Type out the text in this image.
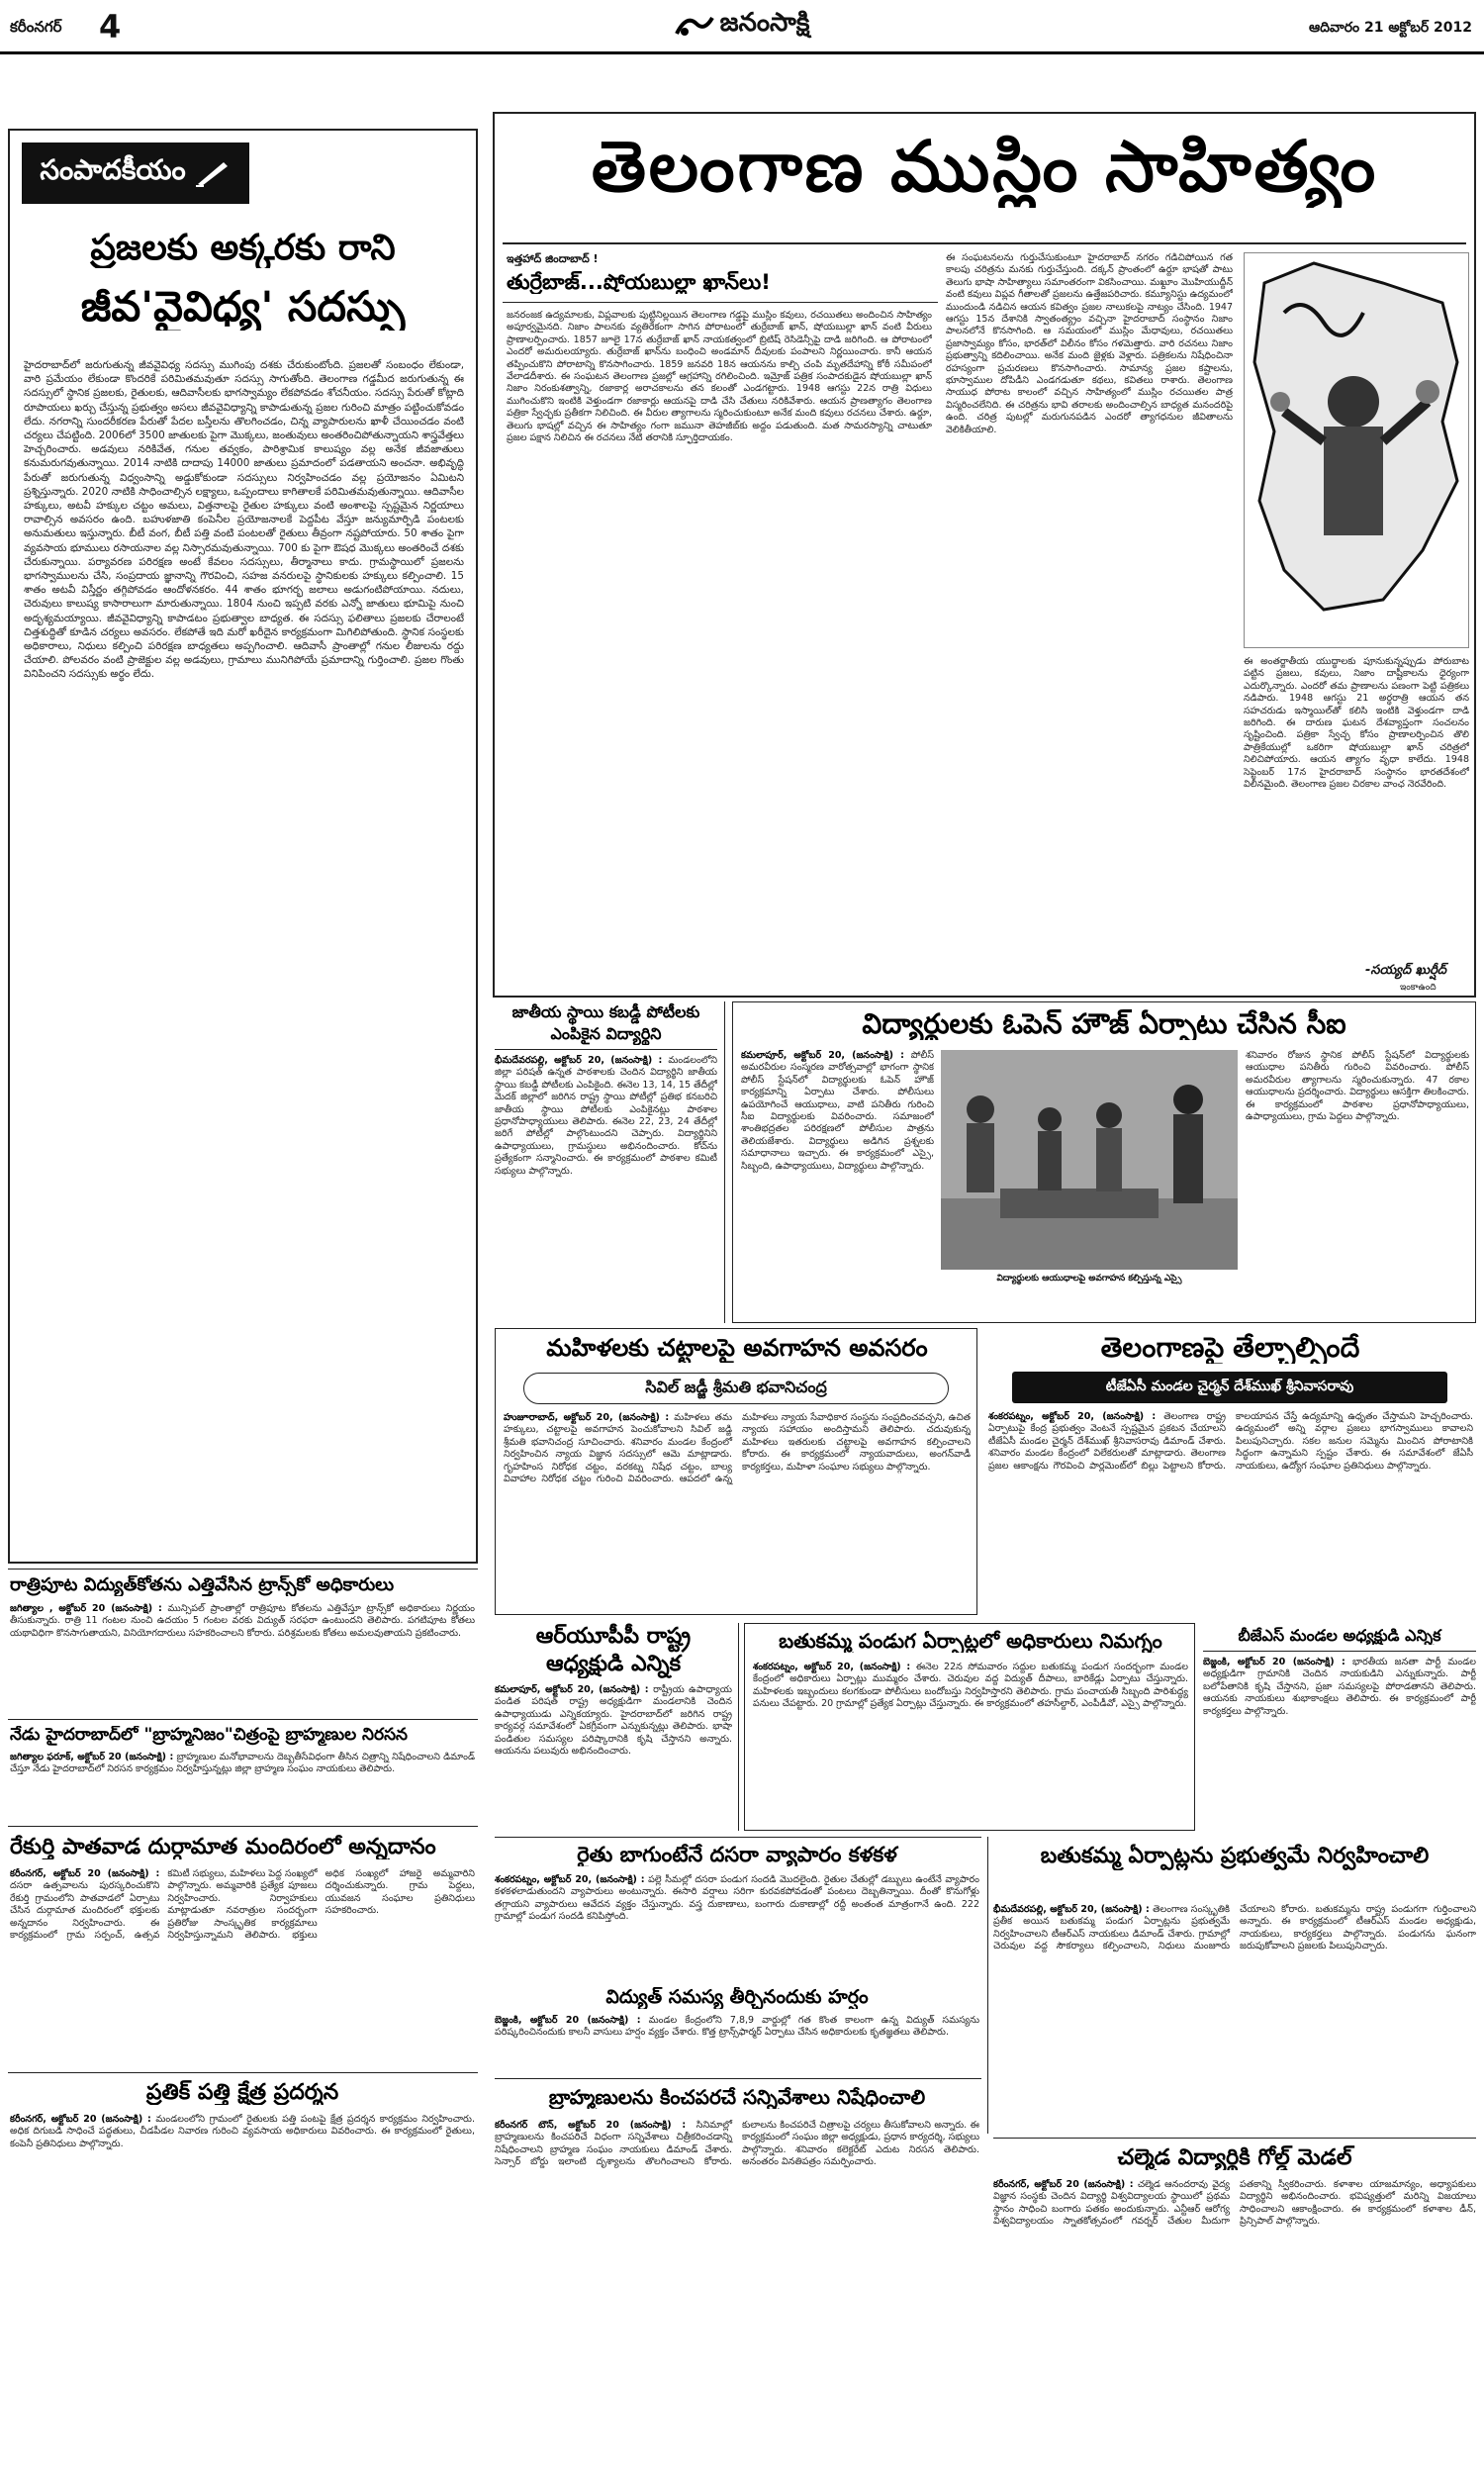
కరీంనగర్ 4	జనంసాక్షి	ఆదివారం 21 అక్టోబర్ 2012
సంపాదకీయం
ప్రజలకు అక్కరకు రాని
జీవ'వైవిధ్య' సదస్సు
హైదరాబాద్‌లో జరుగుతున్న జీవవైవిధ్య సదస్సు ముగింపు దశకు చేరుకుంటోంది. ప్రజలతో సంబంధం లేకుండా, వారి ప్రమేయం లేకుండా కొందరికే పరిమితమవుతూ సదస్సు సాగుతోంది. తెలంగాణ గడ్డమీద జరుగుతున్న ఈ సదస్సులో స్థానిక ప్రజలకు, రైతులకు, ఆదివాసీలకు భాగస్వామ్యం లేకపోవడం శోచనీయం. సదస్సు పేరుతో కోట్లాది రూపాయలు ఖర్చు చేస్తున్న ప్రభుత్వం అసలు జీవవైవిధ్యాన్ని కాపాడుతున్న ప్రజల గురించి మాత్రం పట్టించుకోవడం లేదు. నగరాన్ని సుందరీకరణ పేరుతో పేదల బస్తీలను తొలగించడం, చిన్న వ్యాపారులను ఖాళీ చేయించడం వంటి చర్యలు చేపట్టింది. 2006లో 3500 జాతులకు పైగా మొక్కలు, జంతువులు అంతరించిపోతున్నాయని శాస్త్రవేత్తలు హెచ్చరించారు. అడవులు నరికివేత, గనుల తవ్వకం, పారిశ్రామిక కాలుష్యం వల్ల అనేక జీవజాతులు కనుమరుగవుతున్నాయి. 2014 నాటికి దాదాపు 14000 జాతులు ప్రమాదంలో పడతాయని అంచనా. అభివృద్ధి పేరుతో జరుగుతున్న విధ్వంసాన్ని అడ్డుకోకుండా సదస్సులు నిర్వహించడం వల్ల ప్రయోజనం ఏమిటని ప్రశ్నిస్తున్నారు. 2020 నాటికి సాధించాల్సిన లక్ష్యాలు, ఒప్పందాలు కాగితాలకే పరిమితమవుతున్నాయి. ఆదివాసీల హక్కులు, అటవీ హక్కుల చట్టం అమలు, విత్తనాలపై రైతుల హక్కులు వంటి అంశాలపై స్పష్టమైన నిర్ణయాలు రావాల్సిన అవసరం ఉంది. బహుళజాతి కంపెనీల ప్రయోజనాలకే పెద్దపీట వేస్తూ జన్యుమార్పిడి పంటలకు అనుమతులు ఇస్తున్నారు. బీటీ వంగ, బీటీ పత్తి వంటి పంటలతో రైతులు తీవ్రంగా నష్టపోయారు. 50 శాతం పైగా వ్యవసాయ భూములు రసాయనాల వల్ల నిస్సారమవుతున్నాయి. 700 కు పైగా ఔషధ మొక్కలు అంతరించే దశకు చేరుకున్నాయి. పర్యావరణ పరిరక్షణ అంటే కేవలం సదస్సులు, తీర్మానాలు కాదు. గ్రామస్థాయిలో ప్రజలను భాగస్వాములను చేసి, సంప్రదాయ జ్ఞానాన్ని గౌరవించి, సహజ వనరులపై స్థానికులకు హక్కులు కల్పించాలి. 15 శాతం అటవీ విస్తీర్ణం తగ్గిపోవడం ఆందోళనకరం. 44 శాతం భూగర్భ జలాలు అడుగంటిపోయాయి. నదులు, చెరువులు కాలుష్య కాసారాలుగా మారుతున్నాయి. 1804 నుంచి ఇప్పటి వరకు ఎన్నో జాతులు భూమిపై నుంచి అదృశ్యమయ్యాయి. జీవవైవిధ్యాన్ని కాపాడటం ప్రభుత్వాల బాధ్యత. ఈ సదస్సు ఫలితాలు ప్రజలకు చేరాలంటే చిత్తశుద్ధితో కూడిన చర్యలు అవసరం. లేకపోతే ఇది మరో ఖరీదైన కార్యక్రమంగా మిగిలిపోతుంది. స్థానిక సంస్థలకు అధికారాలు, నిధులు కల్పించి పరిరక్షణ బాధ్యతలు అప్పగించాలి. ఆదివాసీ ప్రాంతాల్లో గనుల లీజులను రద్దు చేయాలి. పోలవరం వంటి ప్రాజెక్టుల వల్ల అడవులు, గ్రామాలు మునిగిపోయే ప్రమాదాన్ని గుర్తించాలి. ప్రజల గొంతు వినిపించని సదస్సుకు అర్థం లేదు.
రాత్రిపూట విద్యుత్‌కోతను ఎత్తివేసిన ట్రాన్స్‌కో అధికారులు
జగిత్యాల , అక్టోబర్ 20 (జనంసాక్షి) : మున్సిపల్ ప్రాంతాల్లో రాత్రిపూట కోతలను ఎత్తివేస్తూ ట్రాన్స్‌కో అధికారులు నిర్ణయం తీసుకున్నారు. రాత్రి 11 గంటల నుంచి ఉదయం 5 గంటల వరకు విద్యుత్ సరఫరా ఉంటుందని తెలిపారు. పగటిపూట కోతలు యథావిధిగా కొనసాగుతాయని, వినియోగదారులు సహకరించాలని కోరారు. పరిశ్రమలకు కోతలు అమలవుతాయని ప్రకటించారు.
నేడు హైదరాబాద్‌లో "బ్రాహ్మనిజం"చిత్రంపై బ్రాహ్మణుల నిరసన
జగిత్యాల ఫరూక్, అక్టోబర్ 20 (జనంసాక్షి) : బ్రాహ్మణుల మనోభావాలను దెబ్బతీసేవిధంగా తీసిన చిత్రాన్ని నిషేధించాలని డిమాండ్ చేస్తూ నేడు హైదరాబాద్‌లో నిరసన కార్యక్రమం నిర్వహిస్తున్నట్లు జిల్లా బ్రాహ్మణ సంఘం నాయకులు తెలిపారు.
రేకుర్తి పాతవాడ దుర్గామాత మందిరంలో అన్నదానం
కరీంనగర్, అక్టోబర్ 20 (జనంసాక్షి) : దసరా ఉత్సవాలను పురస్కరించుకొని రేకుర్తి గ్రామంలోని పాతవాడలో ఏర్పాటు చేసిన దుర్గామాత మందిరంలో భక్తులకు అన్నదానం నిర్వహించారు. ఈ కార్యక్రమంలో గ్రామ సర్పంచ్, ఉత్సవ కమిటీ సభ్యులు, మహిళలు పెద్ద సంఖ్యలో పాల్గొన్నారు. అమ్మవారికి ప్రత్యేక పూజలు నిర్వహించారు. నిర్వాహకులు మాట్లాడుతూ నవరాత్రుల సందర్భంగా ప్రతిరోజు సాంస్కృతిక కార్యక్రమాలు నిర్వహిస్తున్నామని తెలిపారు. భక్తులు అధిక సంఖ్యలో హాజరై అమ్మవారిని దర్శించుకున్నారు. గ్రామ పెద్దలు, యువజన సంఘాల ప్రతినిధులు సహకరించారు.
ప్రతిక్ పత్తి క్షేత్ర ప్రదర్శన
కరీంనగర్, అక్టోబర్ 20 (జనంసాక్షి) : మండలంలోని గ్రామంలో రైతులకు పత్తి పంటపై క్షేత్ర ప్రదర్శన కార్యక్రమం నిర్వహించారు. అధిక దిగుబడి సాధించే పద్ధతులు, చీడపీడల నివారణ గురించి వ్యవసాయ అధికారులు వివరించారు. ఈ కార్యక్రమంలో రైతులు, కంపెనీ ప్రతినిధులు పాల్గొన్నారు.
తెలంగాణ ముస్లిం సాహిత్యం
ఇత్తహాద్ జిందాబాద్ !
తుర్రేబాజ్...షోయబుల్లా ఖాన్‌లు!
జనరంజక ఉద్యమాలకు, విప్లవాలకు పుట్టినిల్లయిన తెలంగాణ గడ్డపై ముస్లిం కవులు, రచయితలు అందించిన సాహిత్యం అపూర్వమైనది. నిజాం పాలనకు వ్యతిరేకంగా సాగిన పోరాటంలో తుర్రేబాజ్ ఖాన్, షోయబుల్లా ఖాన్ వంటి వీరులు ప్రాణాలర్పించారు. 1857 జూలై 17న తుర్రేబాజ్ ఖాన్ నాయకత్వంలో బ్రిటిష్ రెసిడెన్సీపై దాడి జరిగింది. ఆ పోరాటంలో ఎందరో అమరులయ్యారు. తుర్రేబాజ్ ఖాన్‌ను బంధించి అండమాన్ దీవులకు పంపాలని నిర్ణయించారు. కానీ ఆయన తప్పించుకొని పోరాటాన్ని కొనసాగించారు. 1859 జనవరి 18న ఆయనను కాల్చి చంపి మృతదేహాన్ని కోఠీ సమీపంలో వేలాడదీశారు. ఈ సంఘటన తెలంగాణ ప్రజల్లో ఆగ్రహాన్ని రగిలించింది. ఇమ్రోజ్ పత్రిక సంపాదకుడైన షోయబుల్లా ఖాన్ నిజాం నిరంకుశత్వాన్ని, రజాకార్ల అరాచకాలను తన కలంతో ఎండగట్టారు. 1948 ఆగస్టు 22న రాత్రి విధులు ముగించుకొని ఇంటికి వెళ్తుండగా రజాకార్లు ఆయనపై దాడి చేసి చేతులు నరికివేశారు. ఆయన ప్రాణత్యాగం తెలంగాణ పత్రికా స్వేచ్ఛకు ప్రతీకగా నిలిచింది. ఈ వీరుల త్యాగాలను స్మరించుకుంటూ అనేక మంది కవులు రచనలు చేశారు. ఉర్దూ, తెలుగు భాషల్లో వచ్చిన ఈ సాహిత్యం గంగా జమునా తెహజీబ్‌కు అద్దం పడుతుంది. మత సామరస్యాన్ని చాటుతూ ప్రజల పక్షాన నిలిచిన ఈ రచనలు నేటి తరానికి స్ఫూర్తిదాయకం.
ఈ సంఘటనలను గుర్తుచేసుకుంటూ హైదరాబాద్ నగరం గడిచిపోయిన గత కాలపు చరిత్రను మనకు గుర్తుచేస్తుంది. దక్కన్ ప్రాంతంలో ఉర్దూ భాషతో పాటు తెలుగు భాషా సాహిత్యాలు సమాంతరంగా వికసించాయి. మఖ్దూం మొహియుద్దీన్ వంటి కవులు విప్లవ గీతాలతో ప్రజలను ఉత్తేజపరిచారు. కమ్యూనిస్టు ఉద్యమంలో ముందుండి నడిచిన ఆయన కవిత్వం ప్రజల నాలుకలపై నాట్యం చేసింది. 1947 ఆగస్టు 15న దేశానికి స్వాతంత్య్రం వచ్చినా హైదరాబాద్ సంస్థానం నిజాం పాలనలోనే కొనసాగింది. ఆ సమయంలో ముస్లిం మేధావులు, రచయితలు ప్రజాస్వామ్యం కోసం, భారత్‌లో విలీనం కోసం గళమెత్తారు. వారి రచనలు నిజాం ప్రభుత్వాన్ని కదిలించాయి. అనేక మంది జైళ్లకు వెళ్లారు. పత్రికలను నిషేధించినా రహస్యంగా ప్రచురణలు కొనసాగించారు. సామాన్య ప్రజల కష్టాలను, భూస్వాముల దోపిడీని ఎండగడుతూ కథలు, కవితలు రాశారు. తెలంగాణ సాయుధ పోరాట కాలంలో వచ్చిన సాహిత్యంలో ముస్లిం రచయితల పాత్ర విస్మరించలేనిది. ఈ చరిత్రను భావి తరాలకు అందించాల్సిన బాధ్యత మనందరిపై ఉంది. చరిత్ర పుటల్లో మరుగునపడిన ఎందరో త్యాగధనుల జీవితాలను వెలికితీయాలి.
ఈ అంతర్జాతీయ యుద్ధాలకు పూనుకున్నప్పుడు పోరుబాట పట్టిన ప్రజలు, కవులు, నిజాం దాష్టీకాలను ధైర్యంగా ఎదుర్కొన్నారు. ఎందరో తమ ప్రాణాలను పణంగా పెట్టి పత్రికలు నడిపారు. 1948 ఆగస్టు 21 అర్ధరాత్రి ఆయన తన సహచరుడు ఇస్మాయిల్‌తో కలిసి ఇంటికి వెళ్తుండగా దాడి జరిగింది. ఈ దారుణ ఘటన దేశవ్యాప్తంగా సంచలనం సృష్టించింది. పత్రికా స్వేచ్ఛ కోసం ప్రాణాలర్పించిన తొలి పాత్రికేయుల్లో ఒకరిగా షోయబుల్లా ఖాన్ చరిత్రలో నిలిచిపోయారు. ఆయన త్యాగం వృధా కాలేదు. 1948 సెప్టెంబర్ 17న హైదరాబాద్ సంస్థానం భారతదేశంలో విలీనమైంది. తెలంగాణ ప్రజల చిరకాల వాంఛ నెరవేరింది.
-సయ్యద్ ఖుర్షీద్
ఇంకాఉంది
జాతీయ స్థాయి కబడ్డీ పోటీలకు ఎంపికైన విద్యార్థిని
భీమదేవరపల్లి, అక్టోబర్ 20, (జనంసాక్షి) : మండలంలోని జిల్లా పరిషత్ ఉన్నత పాఠశాలకు చెందిన విద్యార్థిని జాతీయ స్థాయి కబడ్డీ పోటీలకు ఎంపికైంది. ఈనెల 13, 14, 15 తేదీల్లో మెదక్ జిల్లాలో జరిగిన రాష్ట్ర స్థాయి పోటీల్లో ప్రతిభ కనబరిచి జాతీయ స్థాయి పోటీలకు ఎంపికైనట్లు పాఠశాల ప్రధానోపాధ్యాయులు తెలిపారు. ఈనెల 22, 23, 24 తేదీల్లో జరిగే పోటీల్లో పాల్గొంటుందని చెప్పారు. విద్యార్థినిని ఉపాధ్యాయులు, గ్రామస్థులు అభినందించారు. కోచ్‌ను ప్రత్యేకంగా సన్మానించారు. ఈ కార్యక్రమంలో పాఠశాల కమిటీ సభ్యులు పాల్గొన్నారు.
విద్యార్థులకు ఓపెన్ హౌజ్ ఏర్పాటు చేసిన సీఐ
కమలాపూర్, అక్టోబర్ 20, (జనంసాక్షి) : పోలీస్ అమరవీరుల సంస్మరణ వారోత్సవాల్లో భాగంగా స్థానిక పోలీస్ స్టేషన్‌లో విద్యార్థులకు ఓపెన్ హౌజ్ కార్యక్రమాన్ని ఏర్పాటు చేశారు. పోలీసులు ఉపయోగించే ఆయుధాలు, వాటి పనితీరు గురించి సీఐ విద్యార్థులకు వివరించారు. సమాజంలో శాంతిభద్రతల పరిరక్షణలో పోలీసుల పాత్రను తెలియజేశారు. విద్యార్థులు అడిగిన ప్రశ్నలకు సమాధానాలు ఇచ్చారు. ఈ కార్యక్రమంలో ఎస్సై, సిబ్బంది, ఉపాధ్యాయులు, విద్యార్థులు పాల్గొన్నారు.
విద్యార్థులకు ఆయుధాలపై అవగాహన కల్పిస్తున్న ఎస్సై
శనివారం రోజున స్థానిక పోలీస్ స్టేషన్‌లో విద్యార్థులకు ఆయుధాల పనితీరు గురించి వివరించారు. పోలీస్ అమరవీరుల త్యాగాలను స్మరించుకున్నారు. 47 రకాల ఆయుధాలను ప్రదర్శించారు. విద్యార్థులు ఆసక్తిగా తిలకించారు. ఈ కార్యక్రమంలో పాఠశాల ప్రధానోపాధ్యాయులు, ఉపాధ్యాయులు, గ్రామ పెద్దలు పాల్గొన్నారు.
మహిళలకు చట్టాలపై అవగాహన అవసరం
సివిల్ జడ్జీ శ్రీమతి భవానిచంద్ర
హుజూరాబాద్, అక్టోబర్ 20, (జనంసాక్షి) : మహిళలు తమ హక్కులు, చట్టాలపై అవగాహన పెంచుకోవాలని సివిల్ జడ్జి శ్రీమతి భవానిచంద్ర సూచించారు. శనివారం మండల కేంద్రంలో నిర్వహించిన న్యాయ విజ్ఞాన సదస్సులో ఆమె మాట్లాడారు. గృహహింస నిరోధక చట్టం, వరకట్న నిషేధ చట్టం, బాల్య వివాహాల నిరోధక చట్టం గురించి వివరించారు. ఆపదలో ఉన్న మహిళలు న్యాయ సేవాధికార సంస్థను సంప్రదించవచ్చని, ఉచిత న్యాయ సహాయం అందిస్తామని తెలిపారు. చదువుకున్న మహిళలు ఇతరులకు చట్టాలపై అవగాహన కల్పించాలని కోరారు. ఈ కార్యక్రమంలో న్యాయవాదులు, అంగన్‌వాడీ కార్యకర్తలు, మహిళా సంఘాల సభ్యులు పాల్గొన్నారు.
తెలంగాణపై తేల్చాల్సిందే
టీజేఏసీ మండల చైర్మన్ దేశ్‌ముఖ్ శ్రీనివాసరావు
శంకరపట్నం, అక్టోబర్ 20, (జనంసాక్షి) : తెలంగాణ రాష్ట్ర ఏర్పాటుపై కేంద్ర ప్రభుత్వం వెంటనే స్పష్టమైన ప్రకటన చేయాలని టీజేఏసీ మండల చైర్మన్ దేశ్‌ముఖ్ శ్రీనివాసరావు డిమాండ్ చేశారు. శనివారం మండల కేంద్రంలో విలేకరులతో మాట్లాడారు. తెలంగాణ ప్రజల ఆకాంక్షను గౌరవించి పార్లమెంట్‌లో బిల్లు పెట్టాలని కోరారు. కాలయాపన చేస్తే ఉద్యమాన్ని ఉధృతం చేస్తామని హెచ్చరించారు. ఉద్యమంలో అన్ని వర్గాల ప్రజలు భాగస్వాములు కావాలని పిలుపునిచ్చారు. సకల జనుల సమ్మెను మించిన పోరాటానికి సిద్ధంగా ఉన్నామని స్పష్టం చేశారు. ఈ సమావేశంలో జేఏసీ నాయకులు, ఉద్యోగ సంఘాల ప్రతినిధులు పాల్గొన్నారు.
ఆర్‌యూపీపీ రాష్ట్ర ఆధ్యక్షుడి ఎన్నిక
కమలాపూర్, అక్టోబర్ 20, (జనంసాక్షి) : రాష్ట్రీయ ఉపాధ్యాయ పండిత పరిషత్ రాష్ట్ర అధ్యక్షుడిగా మండలానికి చెందిన ఉపాధ్యాయుడు ఎన్నికయ్యారు. హైదరాబాద్‌లో జరిగిన రాష్ట్ర కార్యవర్గ సమావేశంలో ఏకగ్రీవంగా ఎన్నుకున్నట్లు తెలిపారు. భాషా పండితుల సమస్యల పరిష్కారానికి కృషి చేస్తానని అన్నారు. ఆయనను పలువురు అభినందించారు.
బతుకమ్మ పండుగ ఏర్పాట్లలో అధికారులు నిమగ్నం
శంకరపట్నం, అక్టోబర్ 20, (జనంసాక్షి) : ఈనెల 22న సోమవారం సద్దుల బతుకమ్మ పండుగ సందర్భంగా మండల కేంద్రంలో అధికారులు ఏర్పాట్లు ముమ్మరం చేశారు. చెరువుల వద్ద విద్యుత్ దీపాలు, బారికేడ్లు ఏర్పాటు చేస్తున్నారు. మహిళలకు ఇబ్బందులు కలగకుండా పోలీసులు బందోబస్తు నిర్వహిస్తారని తెలిపారు. గ్రామ పంచాయతీ సిబ్బంది పారిశుద్ధ్య పనులు చేపట్టారు. 20 గ్రామాల్లో ప్రత్యేక ఏర్పాట్లు చేస్తున్నారు. ఈ కార్యక్రమంలో తహసీల్దార్, ఎంపీడీవో, ఎస్సై పాల్గొన్నారు.
బీజేఎస్ మండల అధ్యక్షుడి ఎన్నిక
బెజ్జంకి, అక్టోబర్ 20 (జనంసాక్షి) : భారతీయ జనతా పార్టీ మండల అధ్యక్షుడిగా గ్రామానికి చెందిన నాయకుడిని ఎన్నుకున్నారు. పార్టీ బలోపేతానికి కృషి చేస్తానని, ప్రజా సమస్యలపై పోరాడతానని తెలిపారు. ఆయనకు నాయకులు శుభాకాంక్షలు తెలిపారు. ఈ కార్యక్రమంలో పార్టీ కార్యకర్తలు పాల్గొన్నారు.
రైతు బాగుంటేనే దసరా వ్యాపారం కళకళ
శంకరపట్నం, అక్టోబర్ 20, (జనంసాక్షి) : పల్లె సీమల్లో దసరా పండుగ సందడి మొదలైంది. రైతుల చేతుల్లో డబ్బులు ఉంటేనే వ్యాపారం కళకళలాడుతుందని వ్యాపారులు అంటున్నారు. ఈసారి వర్షాలు సరిగా కురవకపోవడంతో పంటలు దెబ్బతిన్నాయి. దీంతో కొనుగోళ్లు తగ్గాయని వ్యాపారులు ఆవేదన వ్యక్తం చేస్తున్నారు. వస్త్ర దుకాణాలు, బంగారు దుకాణాల్లో రద్దీ అంతంత మాత్రంగానే ఉంది. 222 గ్రామాల్లో పండుగ సందడి కనిపిస్తోంది.
విద్యుత్ సమస్య తీర్చినందుకు హర్షం
బెజ్జంకి, అక్టోబర్ 20 (జనంసాక్షి) : మండల కేంద్రంలోని 7,8,9 వార్డుల్లో గత కొంత కాలంగా ఉన్న విద్యుత్ సమస్యను పరిష్కరించినందుకు కాలనీ వాసులు హర్షం వ్యక్తం చేశారు. కొత్త ట్రాన్స్‌ఫార్మర్ ఏర్పాటు చేసిన అధికారులకు కృతజ్ఞతలు తెలిపారు.
బతుకమ్మ ఏర్పాట్లను ప్రభుత్వమే నిర్వహించాలి
భీమదేవరపల్లి, అక్టోబర్ 20, (జనంసాక్షి) : తెలంగాణ సంస్కృతికి ప్రతీక అయిన బతుకమ్మ పండుగ ఏర్పాట్లను ప్రభుత్వమే నిర్వహించాలని టీఆర్ఎస్ నాయకులు డిమాండ్ చేశారు. గ్రామాల్లో చెరువుల వద్ద సౌకర్యాలు కల్పించాలని, నిధులు మంజూరు చేయాలని కోరారు. బతుకమ్మను రాష్ట్ర పండుగగా గుర్తించాలని అన్నారు. ఈ కార్యక్రమంలో టీఆర్ఎస్ మండల అధ్యక్షుడు, నాయకులు, కార్యకర్తలు పాల్గొన్నారు. పండుగను ఘనంగా జరుపుకోవాలని ప్రజలకు పిలుపునిచ్చారు.
బ్రాహ్మణులను కించపరచే సన్నివేశాలు నిషేధించాలి
కరీంనగర్ టౌన్, అక్టోబర్ 20 (జనంసాక్షి) : సినిమాల్లో బ్రాహ్మణులను కించపరిచే విధంగా సన్నివేశాలు చిత్రీకరించడాన్ని నిషేధించాలని బ్రాహ్మణ సంఘం నాయకులు డిమాండ్ చేశారు. సెన్సార్ బోర్డు ఇలాంటి దృశ్యాలను తొలగించాలని కోరారు. కులాలను కించపరిచే చిత్రాలపై చర్యలు తీసుకోవాలని అన్నారు. ఈ కార్యక్రమంలో సంఘం జిల్లా అధ్యక్షుడు, ప్రధాన కార్యదర్శి, సభ్యులు పాల్గొన్నారు. శనివారం కలెక్టరేట్ ఎదుట నిరసన తెలిపారు. అనంతరం వినతిపత్రం సమర్పించారు.	చల్మెడ విద్యార్థికి గోల్డ్ మెడల్
కరీంనగర్, అక్టోబర్ 20 (జనంసాక్షి) : చల్మెడ ఆనందరావు వైద్య విజ్ఞాన సంస్థకు చెందిన విద్యార్థి విశ్వవిద్యాలయ స్థాయిలో ప్రథమ స్థానం సాధించి బంగారు పతకం అందుకున్నారు. ఎన్టీఆర్ ఆరోగ్య విశ్వవిద్యాలయం స్నాతకోత్సవంలో గవర్నర్ చేతుల మీదుగా పతకాన్ని స్వీకరించారు. కళాశాల యాజమాన్యం, అధ్యాపకులు విద్యార్థిని అభినందించారు. భవిష్యత్తులో మరిన్ని విజయాలు సాధించాలని ఆకాంక్షించారు. ఈ కార్యక్రమంలో కళాశాల డీన్, ప్రిన్సిపాల్ పాల్గొన్నారు.
